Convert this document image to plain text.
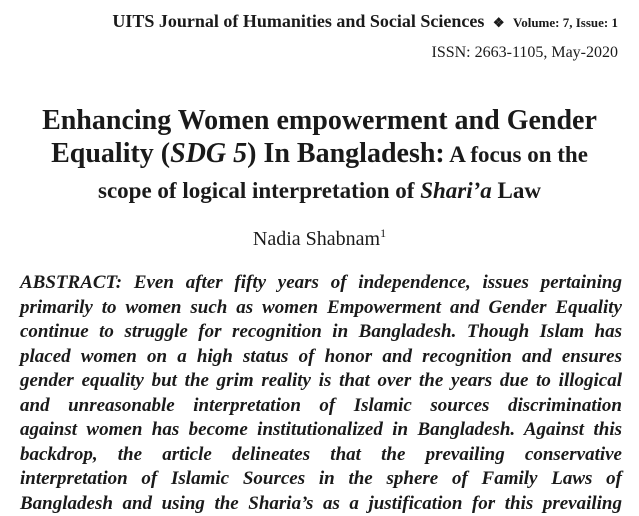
UITS Journal of Humanities and Social Sciences ❖ Volume: 7, Issue: 1
ISSN: 2663-1105, May-2020
Enhancing Women empowerment and Gender
Equality (SDG 5) In Bangladesh: A focus on the
scope of logical interpretation of Shari’a Law
Nadia Shabnam$^1$
ABSTRACT: Even after fifty years of independence, issues pertaining
primarily to women such as women Empowerment and Gender Equality
continue to struggle for recognition in Bangladesh. Though Islam has
placed women on a high status of honor and recognition and ensures
gender equality but the grim reality is that over the years due to illogical
and unreasonable interpretation of Islamic sources discrimination
against women has become institutionalized in Bangladesh. Against this
backdrop, the article delineates that the prevailing conservative
interpretation of Islamic Sources in the sphere of Family Laws of
Bangladesh and using the Sharia’s as a justification for this prevailing
